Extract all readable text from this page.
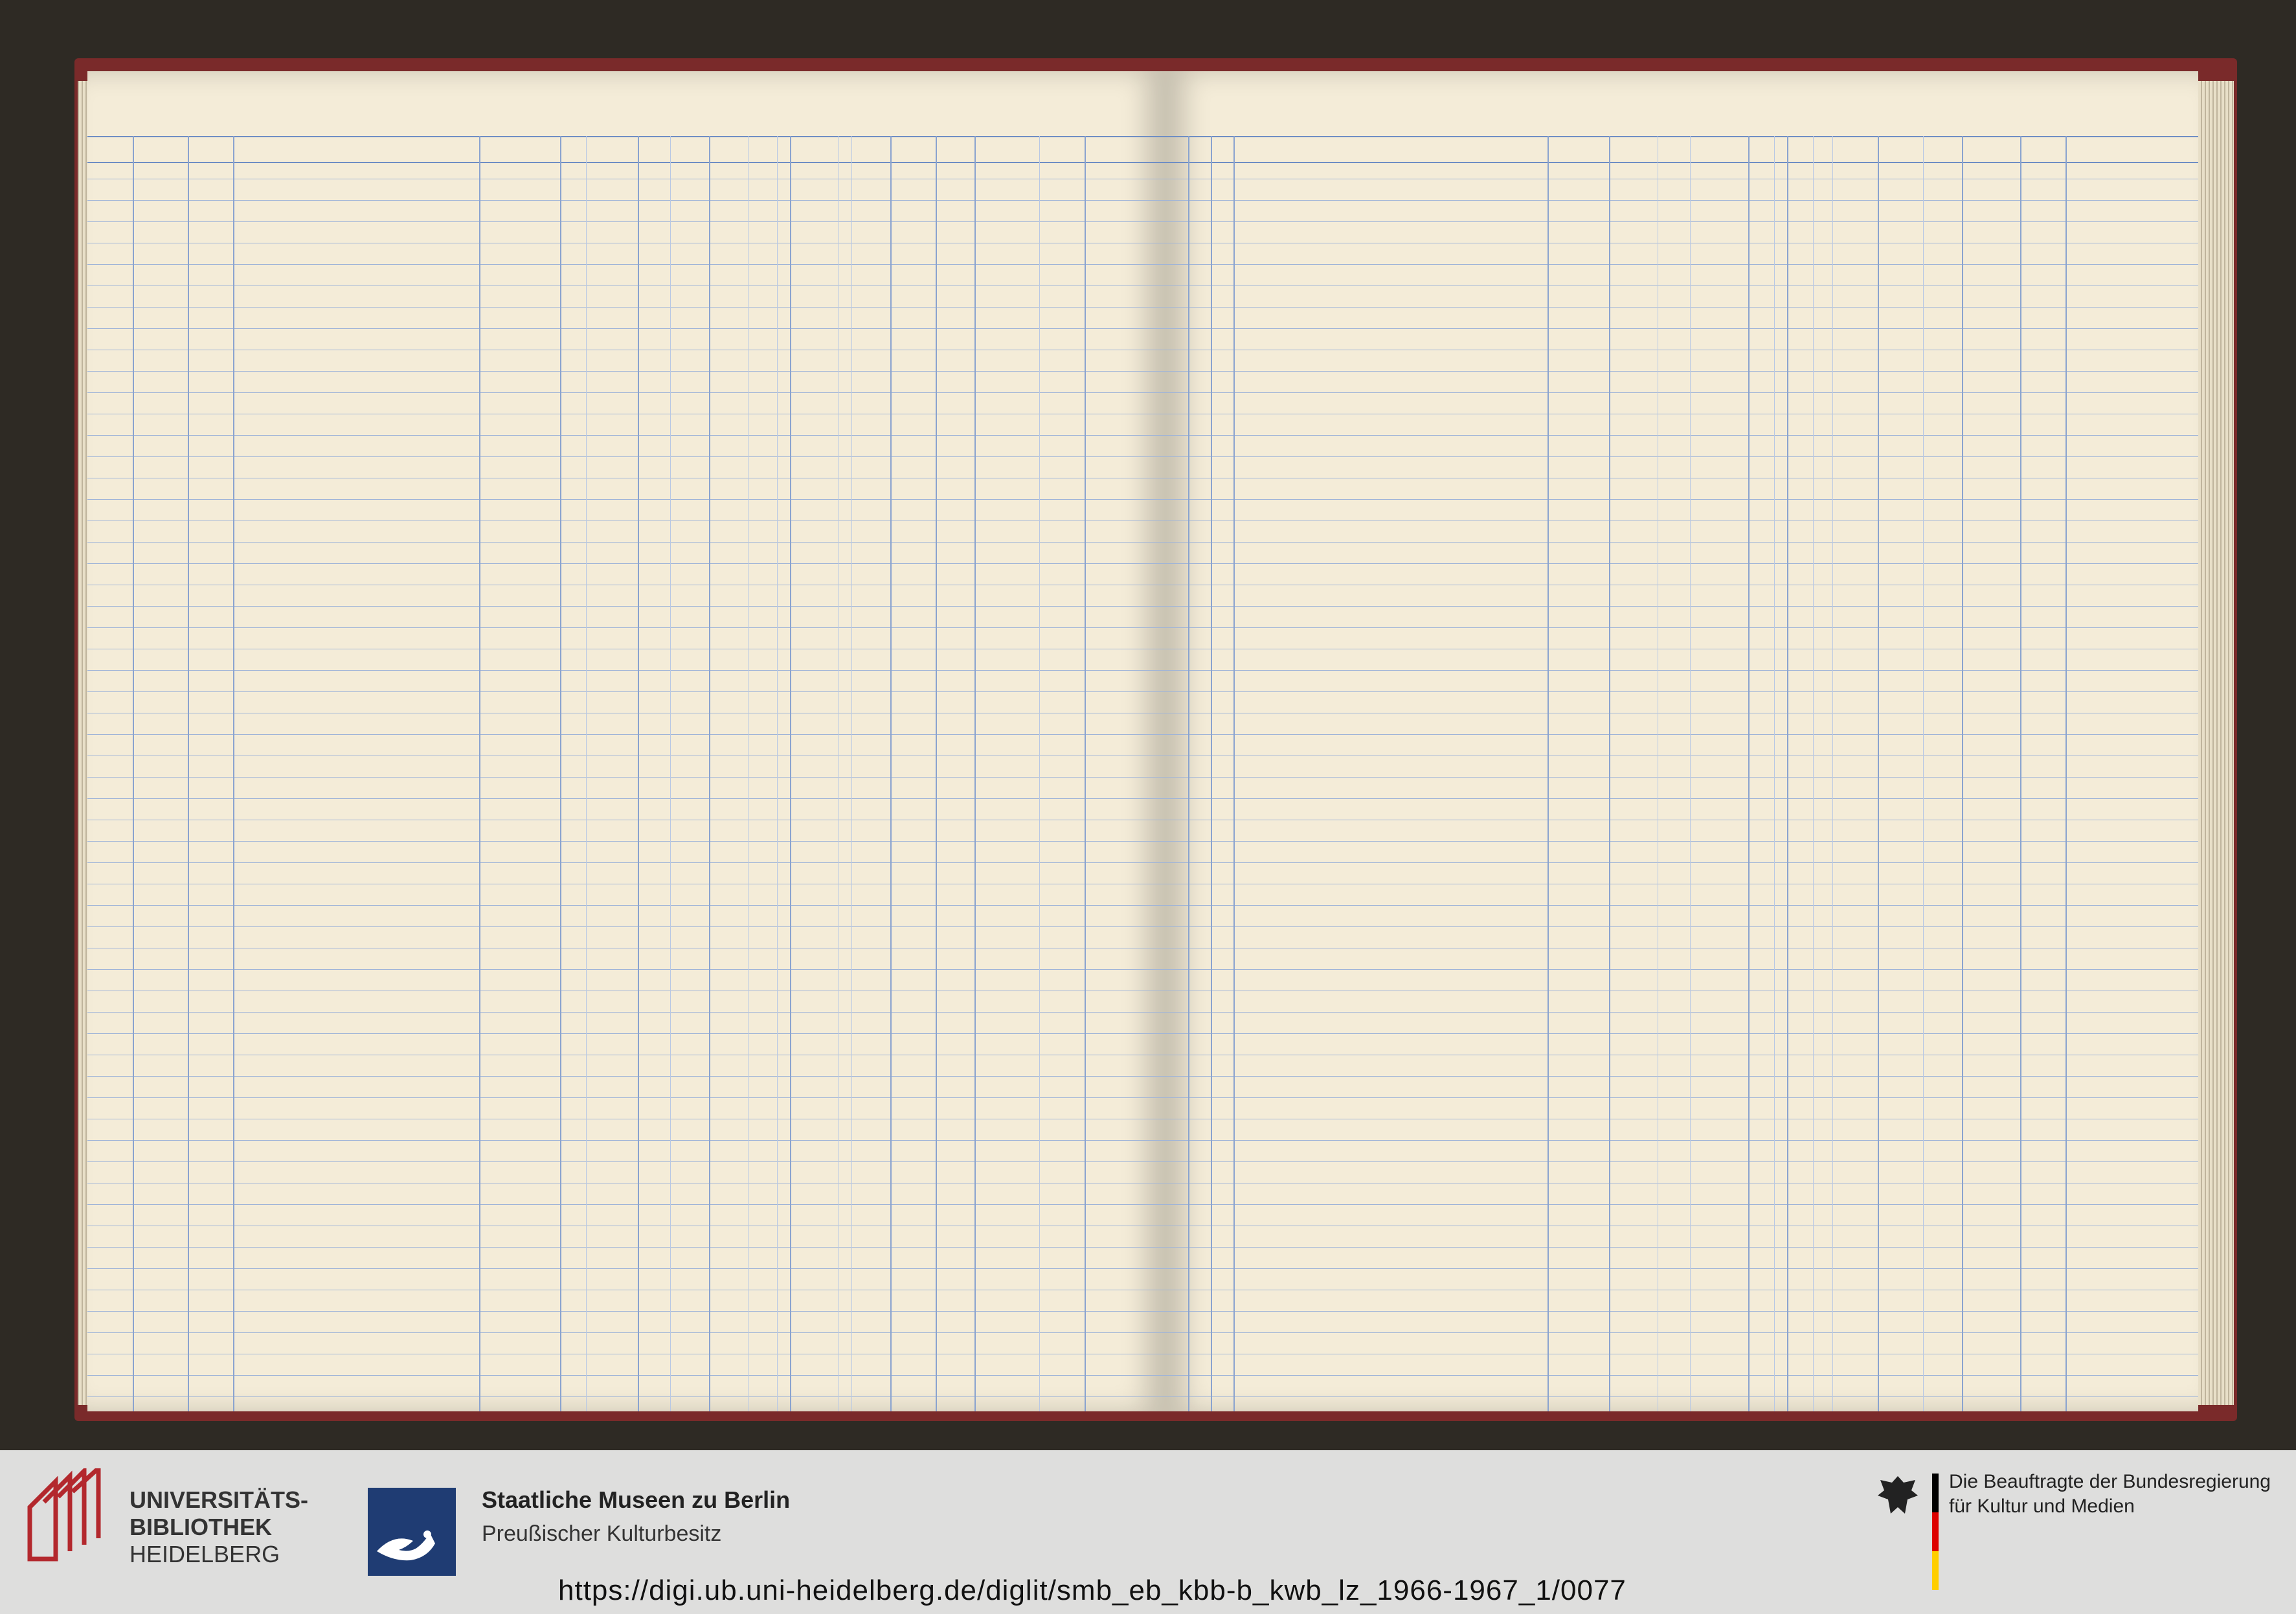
UNIVERSITÄTS-
BIBLIOTHEK
HEIDELBERG
Staatliche Museen zu Berlin
Preußischer Kulturbesitz
Die Beauftragte der Bundesregierung
für Kultur und Medien
https://digi.ub.uni-heidelberg.de/diglit/smb_eb_kbb-b_kwb_lz_1966-1967_1/0077
